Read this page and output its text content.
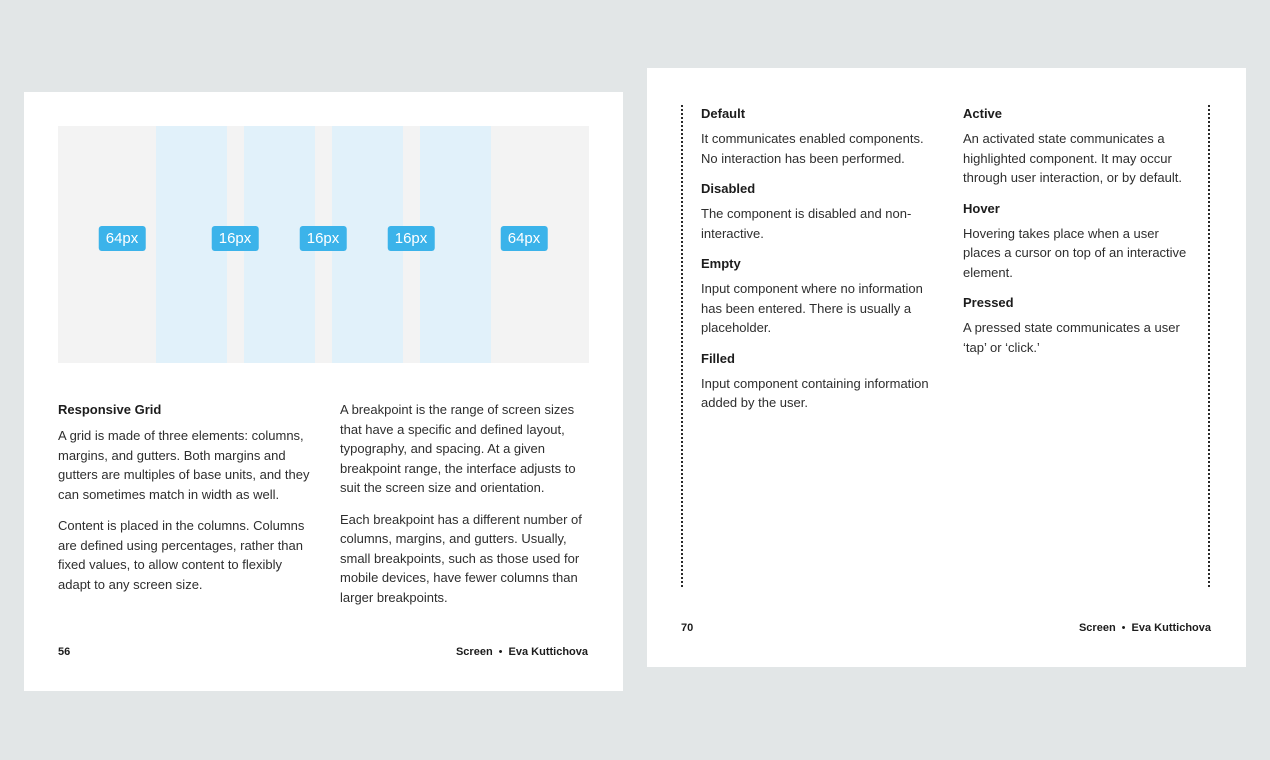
64px	16px	16px	16px	64px

Responsive Grid

A grid is made of three elements: columns, margins, and gutters. Both margins and gutters are multiples of base units, and they can sometimes match in width as well.

Content is placed in the columns. Columns are defined using percentages, rather than fixed values, to allow content to flexibly adapt to any screen size.

A breakpoint is the range of screen sizes that have a specific and defined layout, typography, and spacing. At a given breakpoint range, the interface adjusts to suit the screen size and orientation.

Each breakpoint has a different number of columns, margins, and gutters. Usually, small breakpoints, such as those used for mobile devices, have fewer columns than larger breakpoints.

56	Screen • Eva Kuttichova

Default

It communicates enabled components. No interaction has been performed.

Disabled

The component is disabled and non-interactive.

Empty

Input component where no information has been entered. There is usually a placeholder.

Filled

Input component containing information added by the user.

Active

An activated state communicates a highlighted component. It may occur through user interaction, or by default.

Hover

Hovering takes place when a user places a cursor on top of an interactive element.

Pressed

A pressed state communicates a user ‘tap’ or ‘click.’

70	Screen • Eva Kuttichova
